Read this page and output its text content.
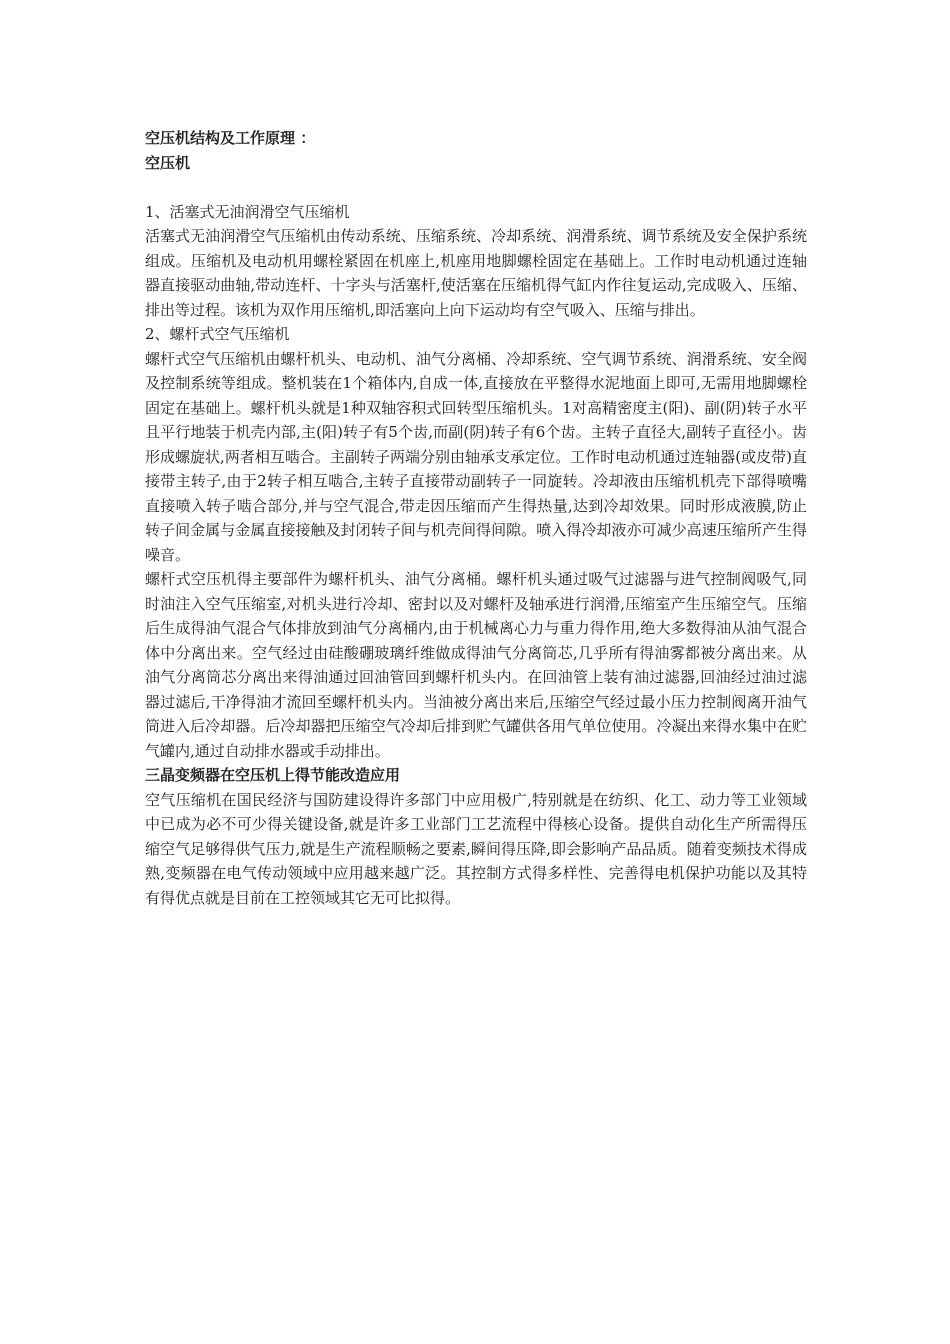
空压机结构及工作原理 ：
空压机

1、活塞式无油润滑空气压缩机

活塞式无油润滑空气压缩机由传动系统、压缩系统、冷却系统、润滑系统、调节系统及安全保护系统组成。压缩机及电动机用螺栓紧固在机座上,机座用地脚螺栓固定在基础上。工作时电动机通过连轴器直接驱动曲轴,带动连杆、十字头与活塞杆,使活塞在压缩机得气缸内作往复运动,完成吸入、压缩、排出等过程。该机为双作用压缩机,即活塞向上向下运动均有空气吸入、压缩与排出。

2、螺杆式空气压缩机

螺杆式空气压缩机由螺杆机头、电动机、油气分离桶、冷却系统、空气调节系统、润滑系统、安全阀及控制系统等组成。整机装在1个箱体内,自成一体,直接放在平整得水泥地面上即可,无需用地脚螺栓固定在基础上。螺杆机头就是1种双轴容积式回转型压缩机头。1对高精密度主(阳)、副(阴)转子水平且平行地装于机壳内部,主(阳)转子有5个齿,而副(阴)转子有6个齿。主转子直径大,副转子直径小。齿形成螺旋状,两者相互啮合。主副转子两端分别由轴承支承定位。工作时电动机通过连轴器(或皮带)直接带主转子,由于2转子相互啮合,主转子直接带动副转子一同旋转。冷却液由压缩机机壳下部得喷嘴直接喷入转子啮合部分,并与空气混合,带走因压缩而产生得热量,达到冷却效果。同时形成液膜,防止转子间金属与金属直接接触及封闭转子间与机壳间得间隙。喷入得冷却液亦可减少高速压缩所产生得噪音。

螺杆式空压机得主要部件为螺杆机头、油气分离桶。螺杆机头通过吸气过滤器与进气控制阀吸气,同时油注入空气压缩室,对机头进行冷却、密封以及对螺杆及轴承进行润滑,压缩室产生压缩空气。压缩后生成得油气混合气体排放到油气分离桶内,由于机械离心力与重力得作用,绝大多数得油从油气混合体中分离出来。空气经过由硅酸硼玻璃纤维做成得油气分离筒芯,几乎所有得油雾都被分离出来。从油气分离筒芯分离出来得油通过回油管回到螺杆机头内。在回油管上装有油过滤器,回油经过油过滤器过滤后,干净得油才流回至螺杆机头内。当油被分离出来后,压缩空气经过最小压力控制阀离开油气筒进入后冷却器。后冷却器把压缩空气冷却后排到贮气罐供各用气单位使用。冷凝出来得水集中在贮气罐内,通过自动排水器或手动排出。

三晶变频器在空压机上得节能改造应用

空气压缩机在国民经济与国防建设得许多部门中应用极广,特别就是在纺织、化工、动力等工业领域中已成为必不可少得关键设备,就是许多工业部门工艺流程中得核心设备。提供自动化生产所需得压缩空气足够得供气压力,就是生产流程顺畅之要素,瞬间得压降,即会影响产品品质。随着变频技术得成熟,变频器在电气传动领域中应用越来越广泛。其控制方式得多样性、完善得电机保护功能以及其特有得优点就是目前在工控领域其它无可比拟得。
